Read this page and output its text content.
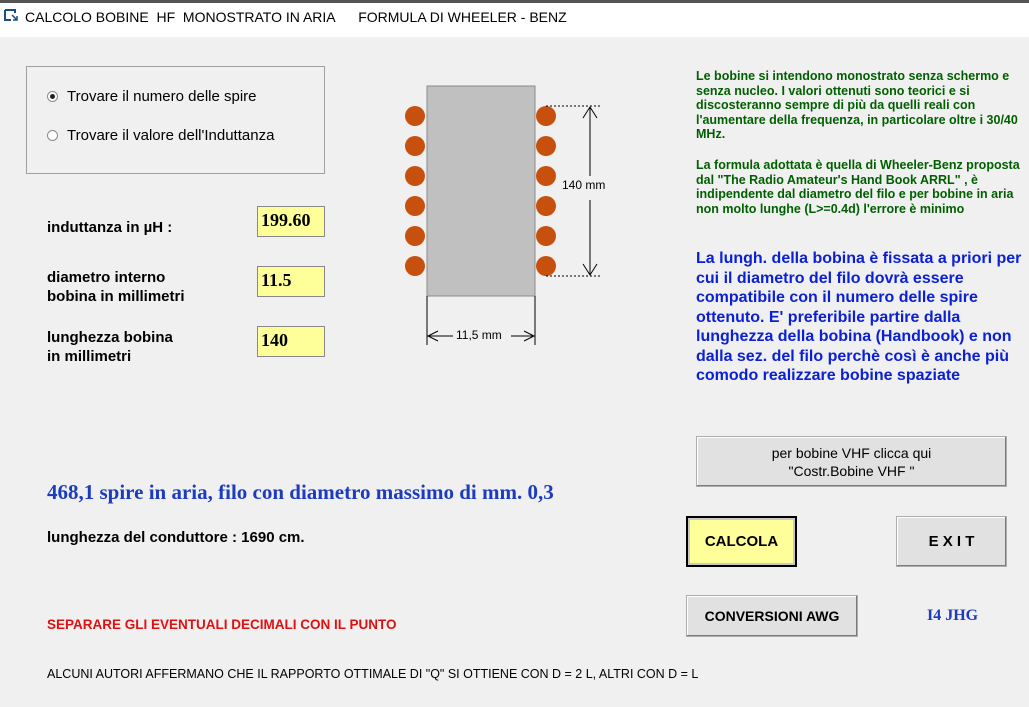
CALCOLO BOBINE  HF  MONOSTRATO IN ARIA      FORMULA DI WHEELER - BENZ
Trovare il numero delle spire
Trovare il valore dell'Induttanza
induttanza in µH :	199.60
diametro interno
bobina in millimetri
11.5
lunghezza bobina
in millimetri
140
140 mm
11,5 mm
Le bobine si intendono monostrato senza schermo e senza nucleo. I valori ottenuti sono teorici e si discosteranno sempre di più da quelli reali con l'aumentare della frequenza, in particolare oltre i 30/40 MHz.
La formula adottata è quella di Wheeler-Benz proposta dal "The Radio Amateur's Hand Book ARRL" , è indipendente dal diametro del filo e per bobine in aria non molto lunghe (L>=0.4d) l'errore è minimo
La lungh. della bobina è fissata a priori per cui il diametro del filo dovrà essere compatibile con il numero delle spire ottenuto. E' preferibile partire dalla lunghezza della bobina (Handbook) e non dalla sez. del filo perchè così è anche più comodo realizzare bobine spaziate
per bobine VHF clicca qui
"Costr.Bobine VHF "
468,1 spire in aria, filo con diametro massimo di mm. 0,3
lunghezza del conduttore : 1690 cm.	CALCOLA	E X I T
CONVERSIONI AWG
SEPARARE GLI EVENTUALI DECIMALI CON IL PUNTO
I4 JHG
ALCUNI AUTORI AFFERMANO CHE IL RAPPORTO OTTIMALE DI "Q" SI OTTIENE CON D = 2 L, ALTRI CON D = L
